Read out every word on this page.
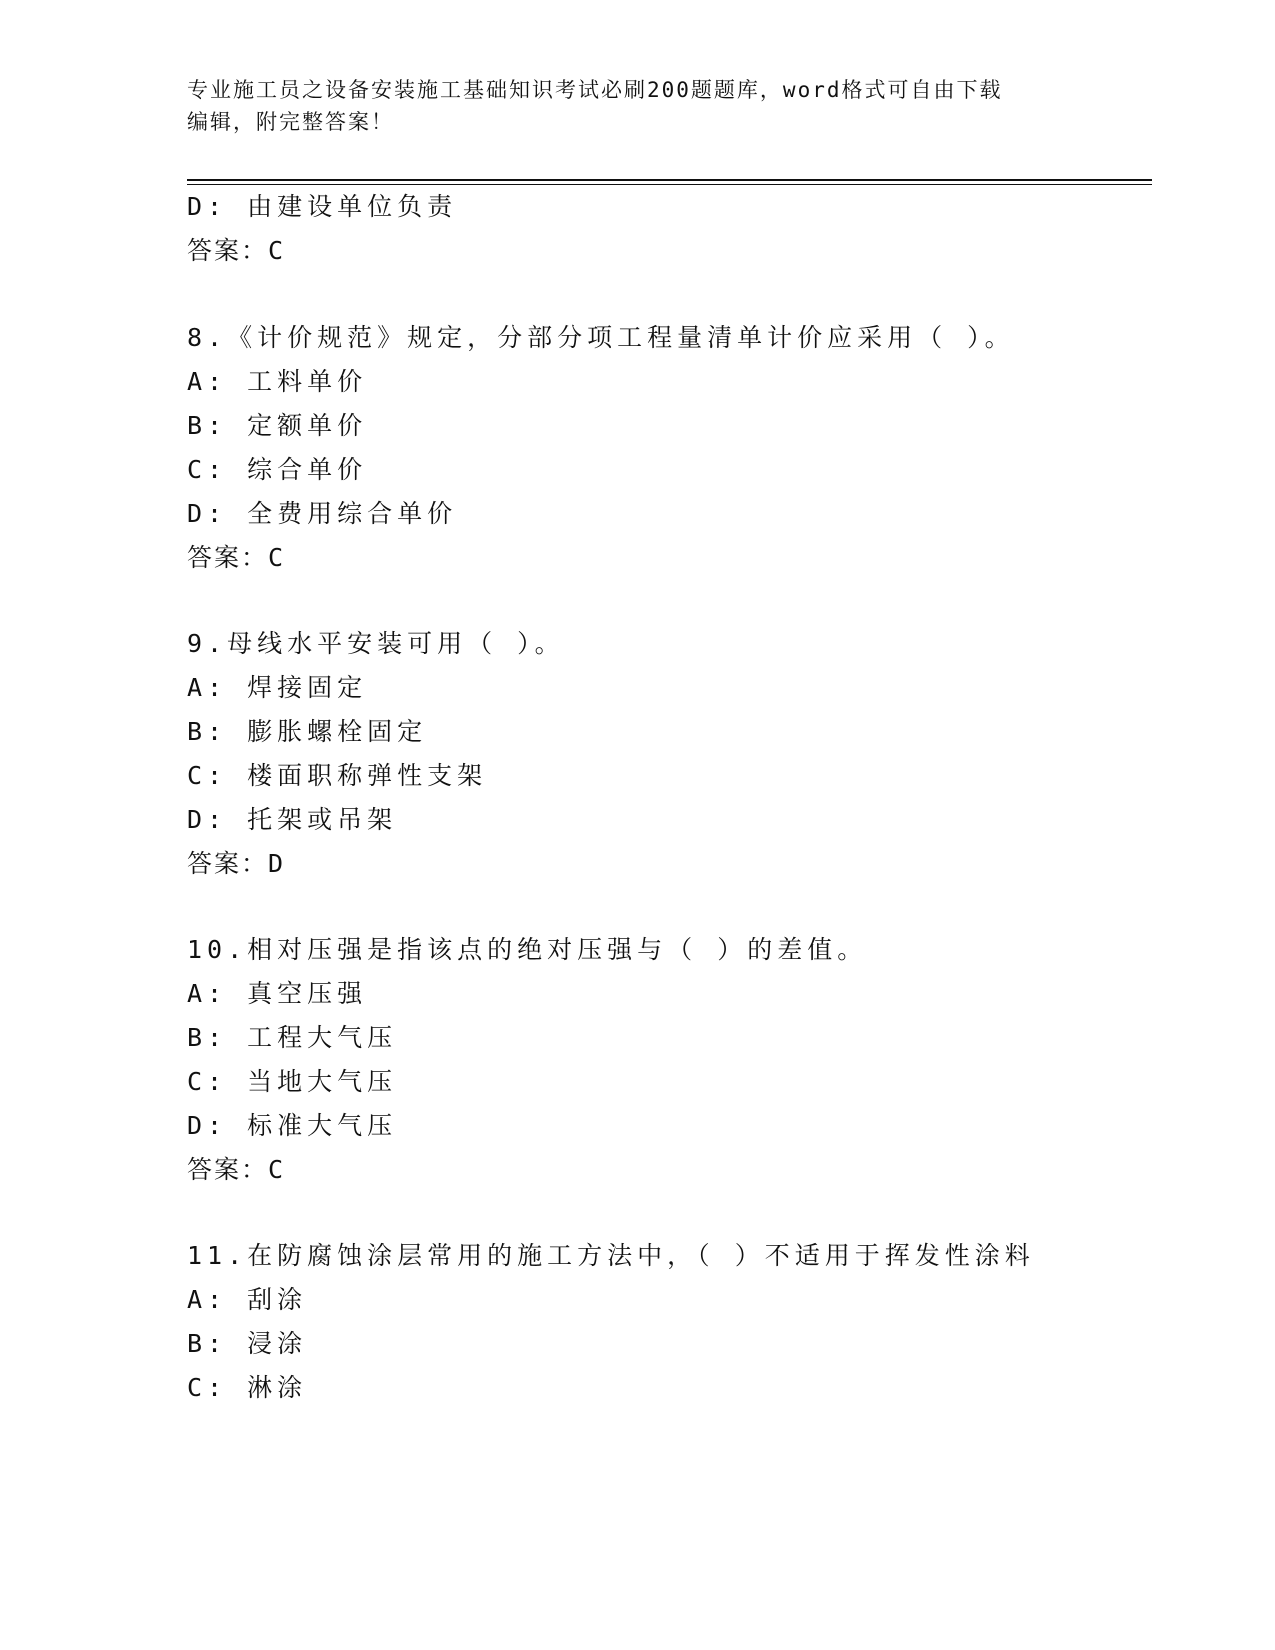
专业施工员之设备安装施工基础知识考试必刷200题题库，word格式可自由下载
编辑，附完整答案！
D: 由建设单位负责
答案：C
8.《计价规范》规定，分部分项工程量清单计价应采用（ ）。
A: 工料单价
B: 定额单价
C: 综合单价
D: 全费用综合单价
答案：C
9.母线水平安装可用（ ）。
A: 焊接固定
B: 膨胀螺栓固定
C: 楼面职称弹性支架
D: 托架或吊架
答案：D
10.相对压强是指该点的绝对压强与（ ）的差值。
A: 真空压强
B: 工程大气压
C: 当地大气压
D: 标准大气压
答案：C
11.在防腐蚀涂层常用的施工方法中，（ ）不适用于挥发性涂料
A: 刮涂
B: 浸涂
C: 淋涂
